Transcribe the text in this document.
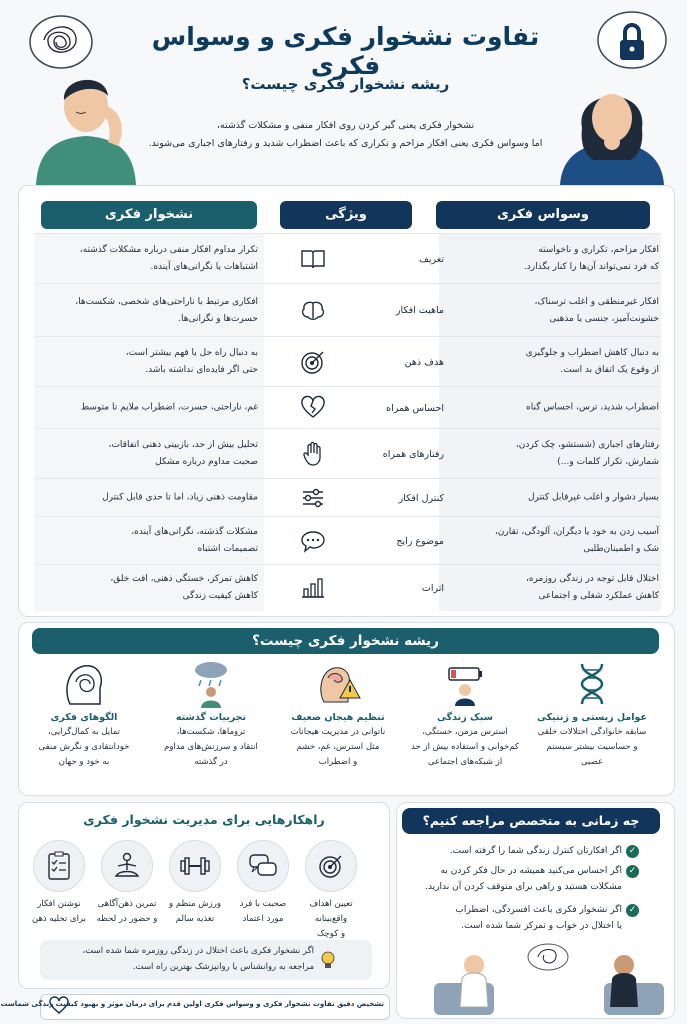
تفاوت نشخوار فکری و وسواس فکری
ریشه نشخوار فکری چیست؟
نشخوار فکری یعنی گیر کردن روی افکار منفی و مشکلات گذشته،
اما وسواس فکری یعنی افکار مزاحم و تکراری که باعث اضطراب شدید و رفتارهای اجباری می‌شوند.
وسواس فکری
ویژگی
نشخوار فکری
افکار مزاحم، تکراری و ناخواسته
که فرد نمی‌تواند آن‌ها را کنار بگذارد.
تعریف
تکرار مداوم افکار منفی درباره مشکلات گذشته،
اشتباهات یا نگرانی‌های آینده.
افکار غیرمنطقی و اغلب ترسناک،
خشونت‌آمیز، جنسی یا مذهبی
ماهیت افکار
افکاری مرتبط با ناراحتی‌های شخصی، شکست‌ها،
حسرت‌ها و نگرانی‌ها.
به دنبال کاهش اضطراب و جلوگیری
از وقوع یک اتفاق بد است.
هدف ذهن
به دنبال راه حل یا فهم بیشتر است،
حتی اگر فایده‌ای نداشته باشد.
اضطراب شدید، ترس، احساس گناه
احساس همراه
غم، ناراحتی، حسرت، اضطراب ملایم تا متوسط
رفتارهای اجباری (شستشو، چک کردن،
شمارش، تکرار کلمات و...)
رفتارهای همراه
تحلیل بیش از حد، بازبینی ذهنی اتفاقات،
صحبت مداوم درباره مشکل
بسیار دشوار و اغلب غیرقابل کنترل
کنترل افکار
مقاومت ذهنی زیاد، اما تا حدی قابل کنترل
آسیب زدن به خود یا دیگران، آلودگی، تقارن،
شک و اطمینان‌طلبی
موضوع رایج
مشکلات گذشته، نگرانی‌های آینده،
تصمیمات اشتباه
اختلال قابل توجه در زندگی روزمره،
کاهش عملکرد شغلی و اجتماعی
اثرات
کاهش تمرکز، خستگی ذهنی، افت خلق،
کاهش کیفیت زندگی
ریشه نشخوار فکری چیست؟
عوامل زیستی و ژنتیکی
سابقه خانوادگی اختلالات خلقی
و حساسیت بیشتر سیستم
عصبی
سبک زندگی
استرس مزمن، خستگی،
کم‌خوابی و استفاده بیش از حد
از شبکه‌های اجتماعی
تنظیم هیجان ضعیف
ناتوانی در مدیریت هیجانات
مثل استرس، غم، خشم
و اضطراب
تجربیات گذشته
تروماها، شکست‌ها،
انتقاد و سرزنش‌های مداوم
در گذشته
الگوهای فکری
تمایل به کمال‌گرایی،
خودانتقادی و نگرش منفی
به خود و جهان
راهکارهایی برای مدیریت نشخوار فکری
تعیین اهداف واقع‌بینانه
و کوچک
صحبت با فرد
مورد اعتماد
ورزش منظم و
تغذیه سالم
تمرین ذهن‌آگاهی
و حضور در لحظه
نوشتن افکار
برای تخلیه ذهن
اگر نشخوار فکری باعث اختلال در زندگی روزمره شما شده است،
مراجعه به روانشناس یا روانپزشک بهترین راه است.
چه زمانی به متخصص مراجعه کنیم؟
✓
اگر افکارتان کنترل زندگی شما را گرفته است.
✓
اگر احساس می‌کنید همیشه در حال فکر کردن به
مشکلات هستید و راهی برای متوقف کردن آن ندارید.
✓
اگر نشخوار فکری باعث افسردگی، اضطراب
یا اختلال در خواب و تمرکز شما شده است.
تشخیص دقیق تفاوت نشخوار فکری و وسواس فکری اولین قدم برای درمان موثر و بهبود کیفیت زندگی شماست
